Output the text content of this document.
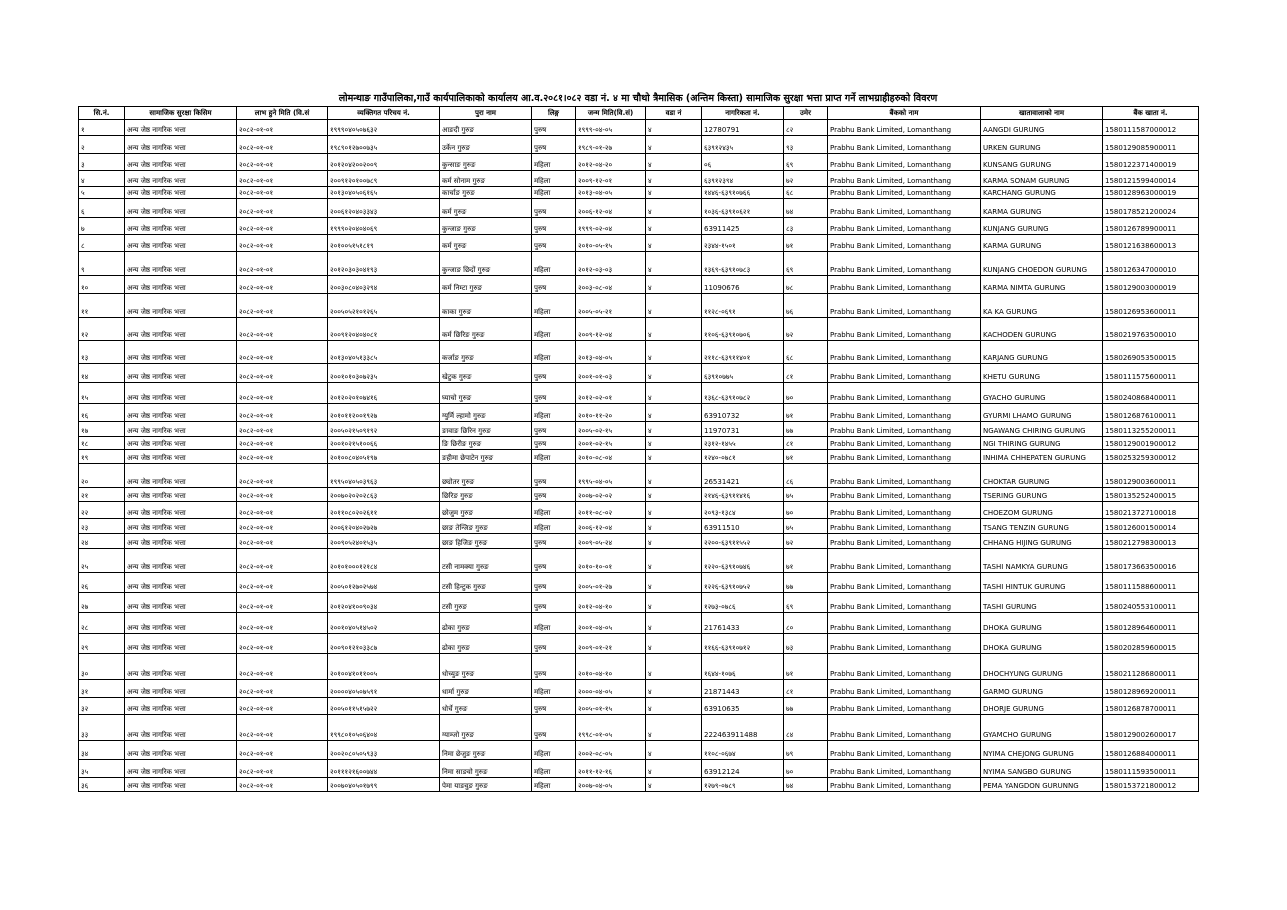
लोमन्थाङ गाउँपालिका,गाउँ कार्यपालिकाको कार्यालय आ.व.२०८१।०८२ वडा नं. ४ मा चौथो त्रैमासिक (अन्तिम किस्ता) सामाजिक सुरक्षा भत्ता प्राप्त गर्ने लाभग्राहीहरुको विवरण
सि.नं.	सामाजिक सुरक्षा किसिम	लाभ हुने मिति (वि.सं	व्यक्तिगत परिचय नं.	पुरा नाम	लिङ्ग	जन्म मिति(वि.सं)	वडा नं	नागरिकता नं.	उमेर	बैंकको नाम	खातावालाको नाम	बैंक खाता नं.
१	अन्य जेष्ठ नागरिक भत्ता	२०८२-०१-०१	१९९९०४०५०७६३२	आङदी गुरुङ	पुरुष	१९९९-०४-०५	४	12780791	८२	Prabhu Bank Limited, Lomanthang	AANGDI GURUNG	1580111587000012
२	अन्य जेष्ठ नागरिक भत्ता	२०८२-०१-०१	१९८९०१२७००७३५	उर्केन गुरुङ	पुरुष	१९८९-०१-२७	४	६३९१२४३५	९३	Prabhu Bank Limited, Lomanthang	URKEN GURUNG	1580129085900011
३	अन्य जेष्ठ नागरिक भत्ता	२०८२-०१-०१	२०१२०४२००२००९	कुन्साङ गुरुङ	महिला	२०१२-०४-२०	४	०६	६९	Prabhu Bank Limited, Lomanthang	KUNSANG GURUNG	1580122371400019
४	अन्य जेष्ठ नागरिक भत्ता	२०८२-०१-०१	२००९१२०१००७८९	कर्म सोनाम गुरुङ	महिला	२००९-१२-०१	४	६३९१२३९४	७२	Prabhu Bank Limited, Lomanthang	KARMA SONAM GURUNG	1580121599400014
५	अन्य जेष्ठ नागरिक भत्ता	२०८२-०१-०१	२०१३०४०५०६१६५	कार्चाङ गुरुङ	महिला	२०१३-०४-०५	४	१४४६-६३९१०७६६	६८	Prabhu Bank Limited, Lomanthang	KARCHANG GURUNG	1580128963000019
६	अन्य जेष्ठ नागरिक भत्ता	२०८२-०१-०१	२००६१२०४०३३४३	कर्म गुरुङ	पुरुष	२००६-१२-०४	४	१०३६-६३९१०६२१	७४	Prabhu Bank Limited, Lomanthang	KARMA GURUNG	1580178521200024
७	अन्य जेष्ठ नागरिक भत्ता	२०८२-०१-०१	१९९९०२०४०४०६९	कुन्जाङ गुरुङ	पुरुष	१९९९-०२-०४	४	63911425	८३	Prabhu Bank Limited, Lomanthang	KUNJANG GURUNG	1580126789900011
८	अन्य जेष्ठ नागरिक भत्ता	२०८२-०१-०१	२०१००५१५१८१९	कर्म गुरुङ	पुरुष	२०१०-०५-१५	४	२३४४-१५०१	७१	Prabhu Bank Limited, Lomanthang	KARMA GURUNG	1580121638600013
९	अन्य जेष्ठ नागरिक भत्ता	२०८२-०१-०१	२०१२०३०३०४१९३	कुन्जाङ छिदों गुरुङ	महिला	२०१२-०३-०३	४	१३६९-६३९१०७८३	६९	Prabhu Bank Limited, Lomanthang	KUNJANG CHOEDON GURUNG	1580126347000010
१०	अन्य जेष्ठ नागरिक भत्ता	२०८२-०१-०१	२००३०८०४०३२९४	कर्म निम्टा गुरुङ	पुरुष	२००३-०८-०४	४	11090676	७८	Prabhu Bank Limited, Lomanthang	KARMA NIMTA GURUNG	1580129003000019
११	अन्य जेष्ठ नागरिक भत्ता	२०८२-०१-०१	२००५०५२१०१२६५	काका गुरुङ	महिला	२००५-०५-२१	४	११२८-०६९१	७६	Prabhu Bank Limited, Lomanthang	KA KA GURUNG	1580126953600011
१२	अन्य जेष्ठ नागरिक भत्ता	२०८२-०१-०१	२००९१२०४०४०८१	कर्म छिरिङ गुरुङ	महिला	२००९-१२-०४	४	११०६-६३९१०७०६	७२	Prabhu Bank Limited, Lomanthang	KACHODEN GURUNG	1580219763500010
१३	अन्य जेष्ठ नागरिक भत्ता	२०८२-०१-०१	२०१३०४०५१३३८५	कर्जाङ गुरुङ	महिला	२०१३-०४-०५	४	२११८-६३९११४०१	६८	Prabhu Bank Limited, Lomanthang	KARJANG GURUNG	1580269053500015
१४	अन्य जेष्ठ नागरिक भत्ता	२०८२-०१-०१	२००१०१०३०७२३५	खेटुक गुरुङ	पुरुष	२००१-०१-०३	४	६३९१०७७५	८१	Prabhu Bank Limited, Lomanthang	KHETU GURUNG	1580111575600011
१५	अन्य जेष्ठ नागरिक भत्ता	२०८२-०१-०१	२०१२०२०१०७४१६	घ्याचो गुरुङ	पुरुष	२०१२-०२-०१	४	१३६८-६३९१०७८२	७०	Prabhu Bank Limited, Lomanthang	GYACHO GURUNG	1580240868400011
१६	अन्य जेष्ठ नागरिक भत्ता	२०८२-०१-०१	२०१०११२००१९२७	ग्युर्मि ल्हामो गुरुङ	महिला	२०१०-११-२०	४	63910732	७१	Prabhu Bank Limited, Lomanthang	GYURMI LHAMO GURUNG	1580126876100011
१७	अन्य जेष्ठ नागरिक भत्ता	२०८२-०१-०१	२००५०२१५०९१९२	ङावाङ छिरिन गुरुङ	पुरुष	२००५-०२-१५	४	11970731	७७	Prabhu Bank Limited, Lomanthang	NGAWANG CHIRING GURUNG	1580113255200011
१८	अन्य जेष्ठ नागरिक भत्ता	२०८२-०१-०१	२००१०२१५१००६६	ङि छिरीङ गुरुङ	पुरुष	२००१-०२-१५	४	२३१२-१४५५	८१	Prabhu Bank Limited, Lomanthang	NGI THIRING GURUNG	1580129001900012
१९	अन्य जेष्ठ नागरिक भत्ता	२०८२-०१-०१	२०१००८०४०५१९७	ङहीमा छेपाटेन गुरुङ	महिला	२०१०-०८-०४	४	१२४०-०७८१	७१	Prabhu Bank Limited, Lomanthang	INHIMA CHHEPATEN GURUNG	1580253259300012
२०	अन्य जेष्ठ नागरिक भत्ता	२०८२-०१-०१	१९९५०४०५०३९६३	छ्योतर गुरुङ	पुरुष	१९९५-०४-०५	४	26531421	८६	Prabhu Bank Limited, Lomanthang	CHOKTAR GURUNG	1580129003600011
२१	अन्य जेष्ठ नागरिक भत्ता	२०८२-०१-०१	२००७०२०२०२८६३	छिरिङ गुरुङ	पुरुष	२००७-०२-०२	४	२१४६-६३९११४१६	७५	Prabhu Bank Limited, Lomanthang	TSERING GURUNG	1580135252400015
२२	अन्य जेष्ठ नागरिक भत्ता	२०८२-०१-०१	२०११०८०२०२६११	छोजुम गुरुङ	महिला	२०११-०८-०२	४	२०९३-१३८४	७०	Prabhu Bank Limited, Lomanthang	CHOEZOM GURUNG	1580213727100018
२३	अन्य जेष्ठ नागरिक भत्ता	२०८२-०१-०१	२००६१२०४०२७२७	छाङ तेन्जिङ गुरुङ	महिला	२००६-१२-०४	४	63911510	७५	Prabhu Bank Limited, Lomanthang	TSANG TENZIN GURUNG	1580126001500014
२४	अन्य जेष्ठ नागरिक भत्ता	२०८२-०१-०१	२००९०५२४०१५३५	छाङ हिजिङ गुरुङ	पुरुष	२००९-०५-२४	४	२२००-६३९११५५२	७२	Prabhu Bank Limited, Lomanthang	CHHANG HIJING GURUNG	1580212798300013
२५	अन्य जेष्ठ नागरिक भत्ता	२०८२-०१-०१	२०१०१०००१२१८४	टसी नामक्या गुरुङ	पुरुष	२०१०-१०-०१	४	१२२०-६३९१०७४६	७१	Prabhu Bank Limited, Lomanthang	TASHI NAMKYA GURUNG	1580173663500016
२६	अन्य जेष्ठ नागरिक भत्ता	२०८२-०१-०१	२००५०१२७०२५७४	टसी हिन्टुक गुरुङ	पुरुष	२००५-०१-२७	४	१२२६-६३९१०७५२	७७	Prabhu Bank Limited, Lomanthang	TASHI HINTUK GURUNG	1580111588600011
२७	अन्य जेष्ठ नागरिक भत्ता	२०८२-०१-०१	२०१२०४१००९०३४	टसी गुरुङ	पुरुष	२०१२-०४-१०	४	१२७३-०७८६	६९	Prabhu Bank Limited, Lomanthang	TASHI GURUNG	1580240553100011
२८	अन्य जेष्ठ नागरिक भत्ता	२०८२-०१-०१	२००१०४०५१४५०२	ढोका गुरुङ	महिला	२००१-०४-०५	४	21761433	८०	Prabhu Bank Limited, Lomanthang	DHOKA GURUNG	1580128964600011
२९	अन्य जेष्ठ नागरिक भत्ता	२०८२-०१-०१	२००९०१२१०३३८७	ढोका गुरुङ	पुरुष	२००९-०१-२१	४	११६६-६३९१०७१२	७३	Prabhu Bank Limited, Lomanthang	DHOKA GURUNG	1580202859600015
३०	अन्य जेष्ठ नागरिक भत्ता	२०८२-०१-०१	२०१००४१०११००५	धोच्युङ गुरुङ	पुरुष	२०१०-०४-१०	४	१६४४-१०७६	७१	Prabhu Bank Limited, Lomanthang	DHOCHYUNG GURUNG	1580211286800011
३१	अन्य जेष्ठ नागरिक भत्ता	२०८२-०१-०१	२००००४०५०७५९१	धार्मा गुरुङ	महिला	२०००-०४-०५	४	21871443	८१	Prabhu Bank Limited, Lomanthang	GARMO GURUNG	1580128969200011
३२	अन्य जेष्ठ नागरिक भत्ता	२०८२-०१-०१	२००५०११५१५७२२	धोर्चे गुरुङ	पुरुष	२००५-०१-१५	४	63910635	७७	Prabhu Bank Limited, Lomanthang	DHORJE GURUNG	1580126878700011
३३	अन्य जेष्ठ नागरिक भत्ता	२०८२-०१-०१	१९९८०१०५०६४०४	ग्याम्जो गुरुङ	पुरुष	१९९८-०१-०५	४	222463911488	८४	Prabhu Bank Limited, Lomanthang	GYAMCHO GURUNG	1580129002600017
३४	अन्य जेष्ठ नागरिक भत्ता	२०८२-०१-०१	२००२०८०५०५९३३	निमा छेजुङ गुरुङ	महिला	२००२-०८-०५	४	११०८-०६७४	७९	Prabhu Bank Limited, Lomanthang	NYIMA CHEJONG GURUNG	1580126884000011
३५	अन्य जेष्ठ नागरिक भत्ता	२०८२-०१-०१	२०१११२१६००७४४	निमा साङवो गुरुङ	महिला	२०११-१२-१६	४	63912124	७०	Prabhu Bank Limited, Lomanthang	NYIMA SANGBO GURUNG	1580111593500011
३६	अन्य जेष्ठ नागरिक भत्ता	२०८२-०१-०१	२००७०४०५०१७९९	पेमा याङवुङ गुरुङ	महिला	२००७-०४-०५	४	१२७९-०७८९	७४	Prabhu Bank Limited, Lomanthang	PEMA YANGDON GURUNNG	1580153721800012
